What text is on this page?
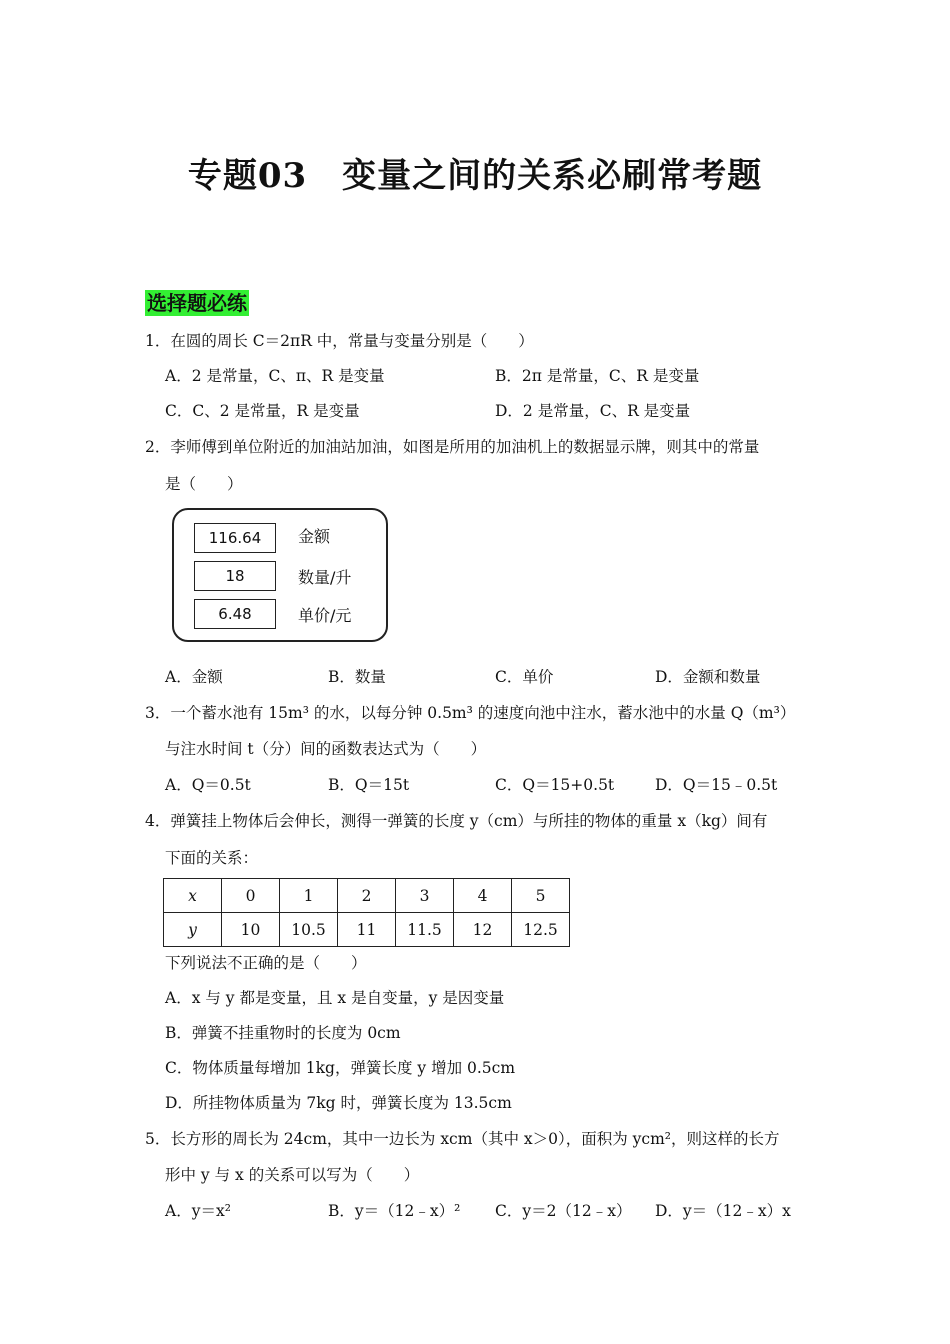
专题03　变量之间的关系必刷常考题
选择题必练
1．在圆的周长 C＝2πR 中，常量与变量分别是（　　）
A．2 是常量，C、π、R 是变量	B．2π 是常量，C、R 是变量
C．C、2 是常量，R 是变量	D．2 是常量，C、R 是变量
2．李师傅到单位附近的加油站加油，如图是所用的加油机上的数据显示牌，则其中的常量
是（　　）
116.64	金额
18	数量/升
6.48	单价/元
A．金额	B．数量	C．单价	D．金额和数量
3．一个蓄水池有 15m³ 的水，以每分钟 0.5m³ 的速度向池中注水，蓄水池中的水量 Q（m³）
与注水时间 t（分）间的函数表达式为（　　）
A．Q＝0.5t	B．Q＝15t	C．Q＝15+0.5t	D．Q＝15﹣0.5t
4．弹簧挂上物体后会伸长，测得一弹簧的长度 y（cm）与所挂的物体的重量 x（kg）间有
下面的关系：
x	0	1	2	3	4	5
y	10	10.5	11	11.5	12	12.5
下列说法不正确的是（　　）
A．x 与 y 都是变量，且 x 是自变量，y 是因变量
B．弹簧不挂重物时的长度为 0cm
C．物体质量每增加 1kg，弹簧长度 y 增加 0.5cm
D．所挂物体质量为 7kg 时，弹簧长度为 13.5cm
5．长方形的周长为 24cm，其中一边长为 xcm（其中 x＞0），面积为 ycm²，则这样的长方
形中 y 与 x 的关系可以写为（　　）
A．y＝x²	B．y＝（12﹣x）² C．y＝2（12﹣x） D．y＝（12﹣x）x
